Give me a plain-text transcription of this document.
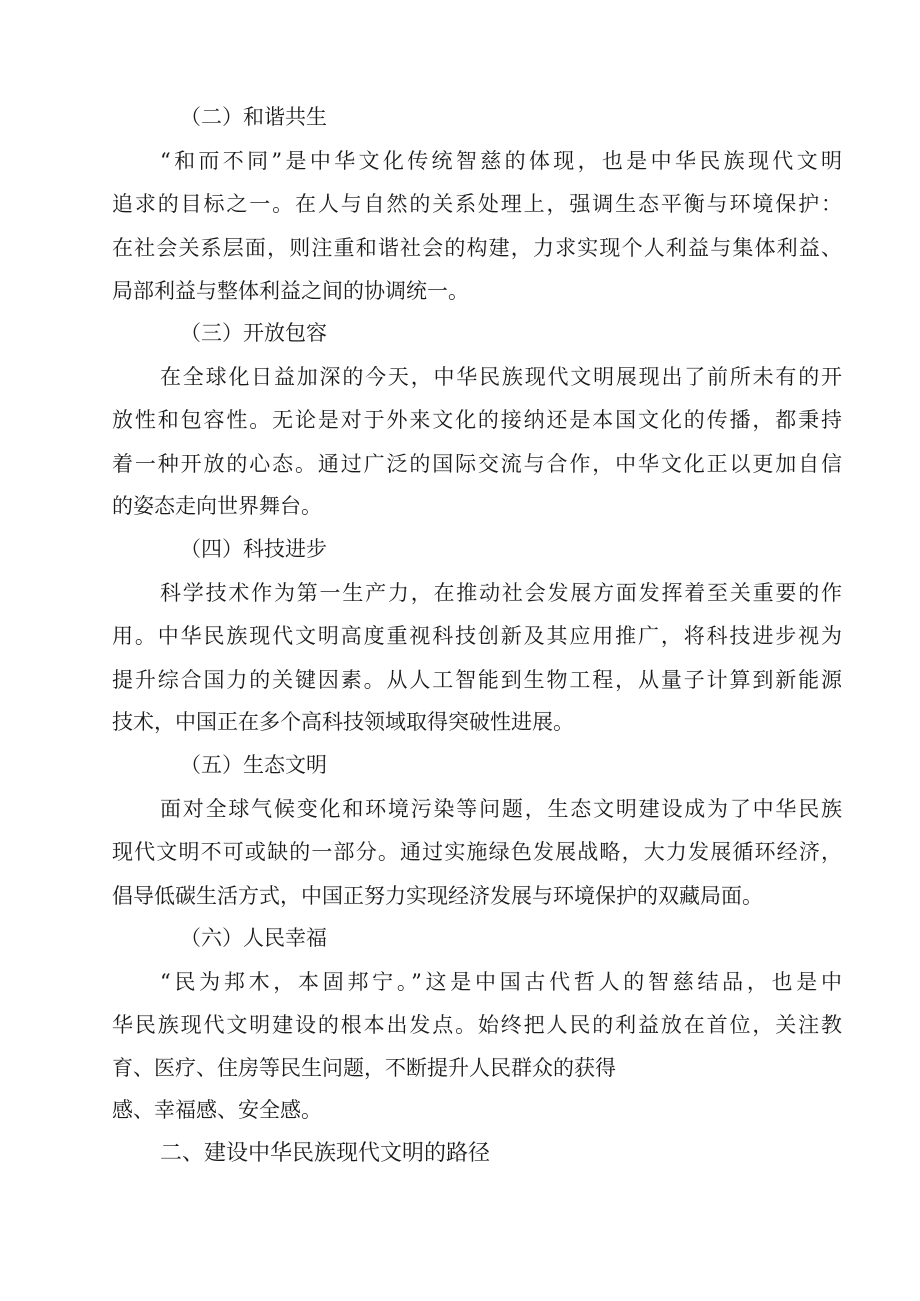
（二）和谐共生
“和而不同”是中华文化传统智慈的体现，也是中华民族现代文明
追求的目标之一。在人与自然的关系处理上，强调生态平衡与环境保护：
在社会关系层面，则注重和谐社会的构建，力求实现个人利益与集体利益、
局部利益与整体利益之间的协调统一。
（三）开放包容
在全球化日益加深的今天，中华民族现代文明展现出了前所未有的开
放性和包容性。无论是对于外来文化的接纳还是本国文化的传播，都秉持
着一种开放的心态。通过广泛的国际交流与合作，中华文化正以更加自信
的姿态走向世界舞台。
（四）科技进步
科学技术作为第一生产力，在推动社会发展方面发挥着至关重要的作
用。中华民族现代文明高度重视科技创新及其应用推广，将科技进步视为
提升综合国力的关键因素。从人工智能到生物工程，从量子计算到新能源
技术，中国正在多个高科技领域取得突破性进展。
（五）生态文明
面对全球气候变化和环境污染等问题，生态文明建设成为了中华民族
现代文明不可或缺的一部分。通过实施绿色发展战略，大力发展循环经济，
倡导低碳生活方式，中国正努力实现经济发展与环境保护的双藏局面。
（六）人民幸福
“民为邦木，本固邦宁。”这是中国古代哲人的智慈结品，也是中
华民族现代文明建设的根本出发点。始终把人民的利益放在首位，关注教
育、医疗、住房等民生问题，不断提升人民群众的获得
感、幸福感、安全感。
二、建设中华民族现代文明的路径
